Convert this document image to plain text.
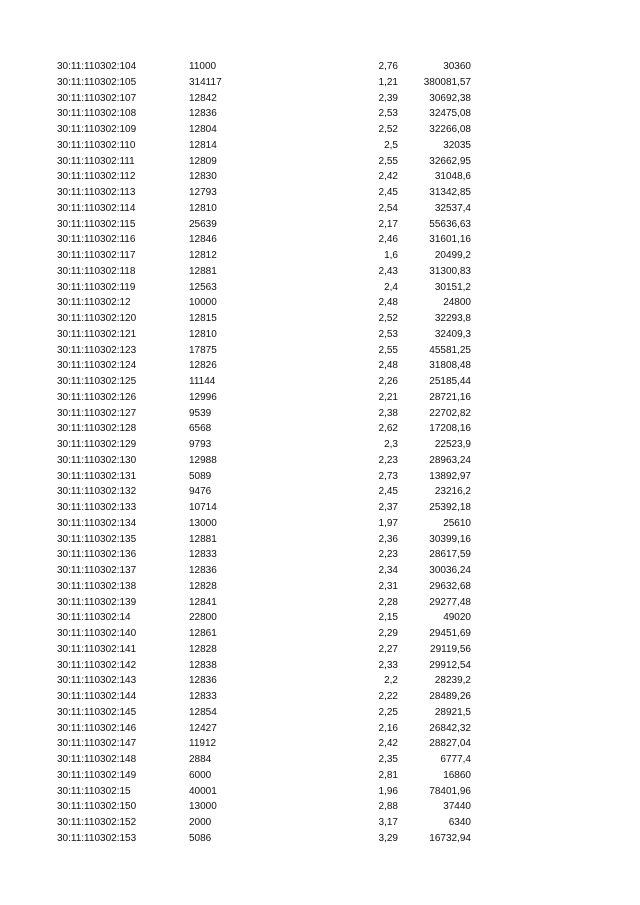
30:11:110302:104	11000	2,76	30360
30:11:110302:105	314117	1,21	380081,57
30:11:110302:107	12842	2,39	30692,38
30:11:110302:108	12836	2,53	32475,08
30:11:110302:109	12804	2,52	32266,08
30:11:110302:110	12814	2,5	32035
30:11:110302:111	12809	2,55	32662,95
30:11:110302:112	12830	2,42	31048,6
30:11:110302:113	12793	2,45	31342,85
30:11:110302:114	12810	2,54	32537,4
30:11:110302:115	25639	2,17	55636,63
30:11:110302:116	12846	2,46	31601,16
30:11:110302:117	12812	1,6	20499,2
30:11:110302:118	12881	2,43	31300,83
30:11:110302:119	12563	2,4	30151,2
30:11:110302:12	10000	2,48	24800
30:11:110302:120	12815	2,52	32293,8
30:11:110302:121	12810	2,53	32409,3
30:11:110302:123	17875	2,55	45581,25
30:11:110302:124	12826	2,48	31808,48
30:11:110302:125	11144	2,26	25185,44
30:11:110302:126	12996	2,21	28721,16
30:11:110302:127	9539	2,38	22702,82
30:11:110302:128	6568	2,62	17208,16
30:11:110302:129	9793	2,3	22523,9
30:11:110302:130	12988	2,23	28963,24
30:11:110302:131	5089	2,73	13892,97
30:11:110302:132	9476	2,45	23216,2
30:11:110302:133	10714	2,37	25392,18
30:11:110302:134	13000	1,97	25610
30:11:110302:135	12881	2,36	30399,16
30:11:110302:136	12833	2,23	28617,59
30:11:110302:137	12836	2,34	30036,24
30:11:110302:138	12828	2,31	29632,68
30:11:110302:139	12841	2,28	29277,48
30:11:110302:14	22800	2,15	49020
30:11:110302:140	12861	2,29	29451,69
30:11:110302:141	12828	2,27	29119,56
30:11:110302:142	12838	2,33	29912,54
30:11:110302:143	12836	2,2	28239,2
30:11:110302:144	12833	2,22	28489,26
30:11:110302:145	12854	2,25	28921,5
30:11:110302:146	12427	2,16	26842,32
30:11:110302:147	11912	2,42	28827,04
30:11:110302:148	2884	2,35	6777,4
30:11:110302:149	6000	2,81	16860
30:11:110302:15	40001	1,96	78401,96
30:11:110302:150	13000	2,88	37440
30:11:110302:152	2000	3,17	6340
30:11:110302:153	5086	3,29	16732,94
